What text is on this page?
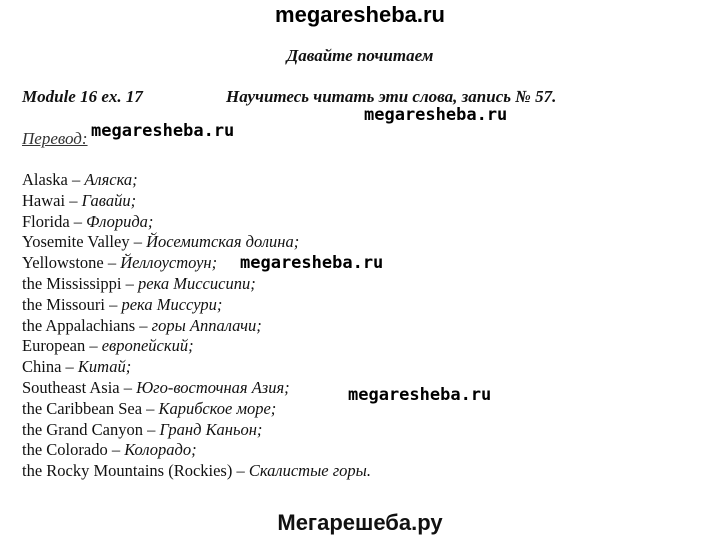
megaresheba.ru
Давайте почитаем
Module 16 ex. 17	Научитесь читать эти слова, запись № 57.
Перевод: megaresheba.ru
megaresheba.ru
megaresheba.ru
megaresheba.ru
Alaska – Аляска;
Hawai – Гавайи;
Florida – Флорида;
Yosemite Valley – Йосемитская долина;
Yellowstone – Йеллоустоун;
the Mississippi – река Миссисипи;
the Missouri – река Миссури;
the Appalachians – горы Аппалачи;
European – европейский;
China – Китай;
Southeast Asia – Юго-восточная Азия;
the Caribbean Sea – Карибское море;
the Grand Canyon – Гранд Каньон;
the Colorado – Колорадо;
the Rocky Mountains (Rockies) – Скалистые горы.
Мегарешеба.ру
